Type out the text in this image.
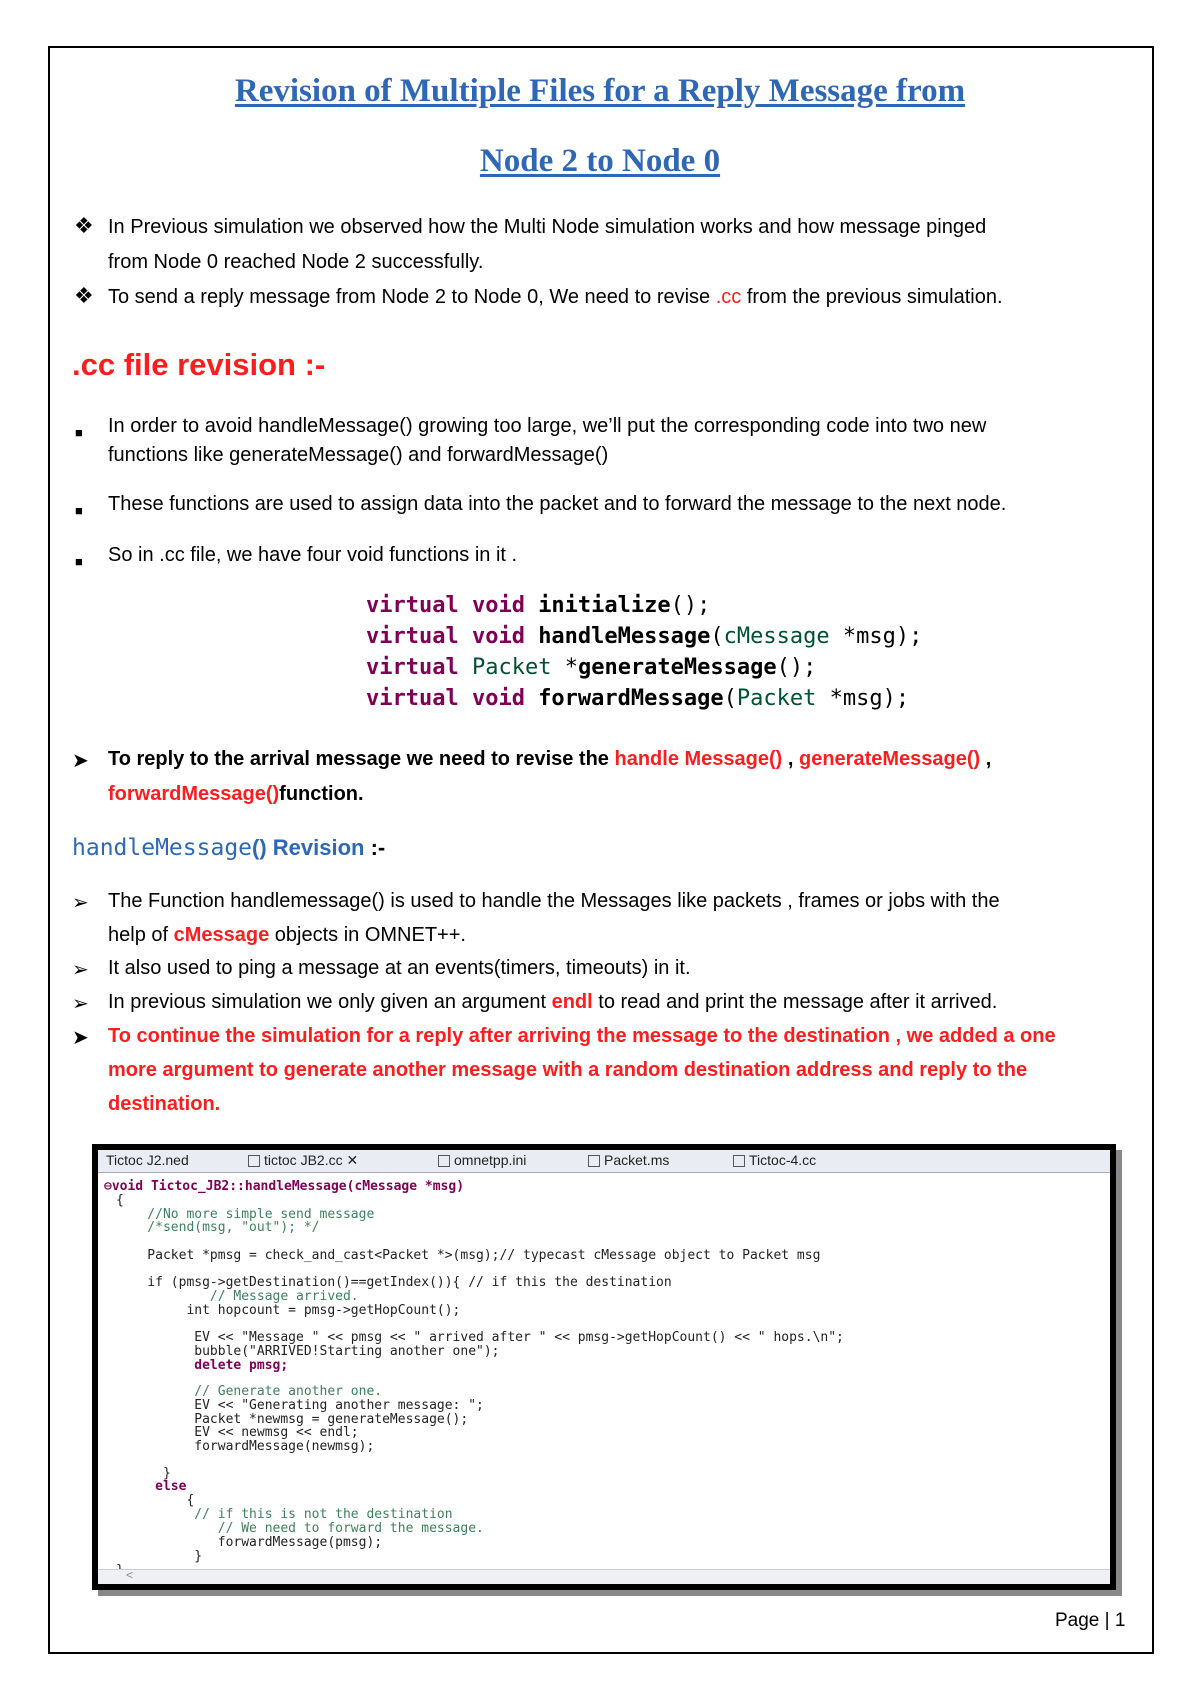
Revision of Multiple Files for a Reply Message from
Node 2 to Node 0
❖ In Previous simulation we observed how the Multi Node simulation works and how message pinged
from Node 0 reached Node 2 successfully.
❖ To send a reply message from Node 2 to Node 0, We need to revise .cc from the previous simulation.
.cc file revision :-
■ In order to avoid handleMessage() growing too large, we’ll put the corresponding code into two new
functions like generateMessage() and forwardMessage()
■ These functions are used to assign data into the packet and to forward the message to the next node.
■ So in .cc file, we have four void functions in it .
virtual void initialize();
virtual void handleMessage(cMessage *msg);
virtual Packet *generateMessage();
virtual void forwardMessage(Packet *msg);
➤ To reply to the arrival message we need to revise the handle Message() , generateMessage() ,
forwardMessage()function.
handleMessage() Revision :-
➢ The Function handlemessage() is used to handle the Messages like packets , frames or jobs with the
help of cMessage objects in OMNET++.
➢ It also used to ping a message at an events(timers, timeouts) in it.
➢ In previous simulation we only given an argument endl to read and print the message after it arrived.
➤ To continue the simulation for a reply after arriving the message to the destination , we added a one
more argument to generate another message with a random destination address and reply to the
destination.
Tictoc J2.ned	tictoc JB2.cc ✕	omnetpp.ini	Packet.ms	Tictoc-4.cc
⊖void Tictoc_JB2::handleMessage(cMessage *msg)
{
//No more simple send message
/*send(msg, "out"); */
Packet *pmsg = check_and_cast<Packet *>(msg);// typecast cMessage object to Packet msg
if (pmsg->getDestination()==getIndex()){ // if this the destination
// Message arrived.
int hopcount = pmsg->getHopCount();
EV << "Message " << pmsg << " arrived after " << pmsg->getHopCount() << " hops.\n";
bubble("ARRIVED!Starting another one");
delete pmsg;
// Generate another one.
EV << "Generating another message: ";
Packet *newmsg = generateMessage();
EV << newmsg << endl;
forwardMessage(newmsg);
}
else
{
// if this is not the destination
// We need to forward the message.
forwardMessage(pmsg);
}
<
Page | 1
